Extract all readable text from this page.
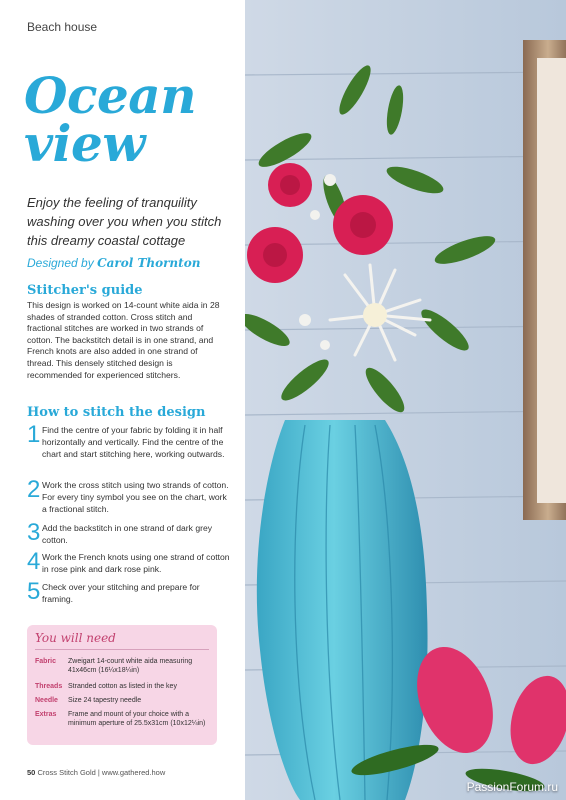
Beach house
Ocean
view
Enjoy the feeling of tranquility washing over you when you stitch this dreamy coastal cottage
Designed by Carol Thornton
Stitcher's guide
This design is worked on 14-count white aida in 28 shades of stranded cotton. Cross stitch and fractional stitches are worked in two strands of cotton. The backstitch detail is in one strand, and French knots are also added in one strand of thread. This densely stitched design is recommended for experienced stitchers.
How to stitch the design
1 Find the centre of your fabric by folding it in half horizontally and vertically. Find the centre of the chart and start stitching here, working outwards.
2 Work the cross stitch using two strands of cotton. For every tiny symbol you see on the chart, work a fractional stitch.
3 Add the backstitch in one strand of dark grey cotton.
4 Work the French knots using one strand of cotton in rose pink and dark rose pink.
5 Check over your stitching and prepare for framing.
You will need
Fabric Zweigart 14-count white aida measuring 41x46cm (16¼x18¼in)
Threads Stranded cotton as listed in the key
Needle Size 24 tapestry needle
Extras Frame and mount of your choice with a minimum aperture of 25.5x31cm (10x12¼in)
50 Cross Stitch Gold | www.gathered.how
PassionForum.ru
